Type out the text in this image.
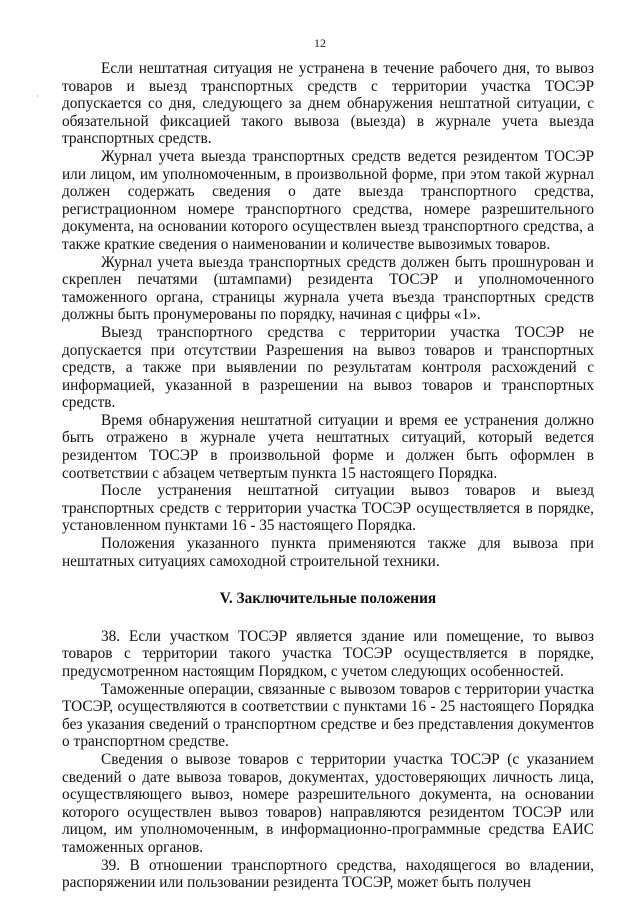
12
·

Если нештатная ситуация не устранена в течение рабочего дня, то вывоз товаров и выезд транспортных средств с территории участка ТОСЭР допускается со дня, следующего за днем обнаружения нештатной ситуации, с обязательной фиксацией такого вывоза (выезда) в журнале учета выезда транспортных средств.

Журнал учета выезда транспортных средств ведется резидентом ТОСЭР или лицом, им уполномоченным, в произвольной форме, при этом такой журнал должен содержать сведения о дате выезда транспортного средства, регистрационном номере транспортного средства, номере разрешительного документа, на основании которого осуществлен выезд транспортного средства, а также краткие сведения о наименовании и количестве вывозимых товаров.

Журнал учета выезда транспортных средств должен быть прошнурован и скреплен печатями (штампами) резидента ТОСЭР и уполномоченного таможенного органа, страницы журнала учета въезда транспортных средств должны быть пронумерованы по порядку, начиная с цифры «1».

Выезд транспортного средства с территории участка ТОСЭР не допускается при отсутствии Разрешения на вывоз товаров и транспортных средств, а также при выявлении по результатам контроля расхождений с информацией, указанной в разрешении на вывоз товаров и транспортных средств.

Время обнаружения нештатной ситуации и время ее устранения должно быть отражено в журнале учета нештатных ситуаций, который ведется резидентом ТОСЭР в произвольной форме и должен быть оформлен в соответствии с абзацем четвертым пункта 15 настоящего Порядка.

После устранения нештатной ситуации вывоз товаров и выезд транспортных средств с территории участка ТОСЭР осуществляется в порядке, установленном пунктами 16 - 35 настоящего Порядка.

Положения указанного пункта применяются также для вывоза при нештатных ситуациях самоходной строительной техники.

V. Заключительные положения

38. Если участком ТОСЭР является здание или помещение, то вывоз товаров с территории такого участка ТОСЭР осуществляется в порядке, предусмотренном настоящим Порядком, с учетом следующих особенностей.

Таможенные операции, связанные с вывозом товаров с территории участка ТОСЭР, осуществляются в соответствии с пунктами 16 - 25 настоящего Порядка без указания сведений о транспортном средстве и без представления документов о транспортном средстве.

Сведения о вывозе товаров с территории участка ТОСЭР (с указанием сведений о дате вывоза товаров, документах, удостоверяющих личность лица, осуществляющего вывоз, номере разрешительного документа, на основании которого осуществлен вывоз товаров) направляются резидентом ТОСЭР или лицом, им уполномоченным, в информационно-программные средства ЕАИС таможенных органов.

39. В отношении транспортного средства, находящегося во владении, распоряжении или пользовании резидента ТОСЭР, может быть получен
